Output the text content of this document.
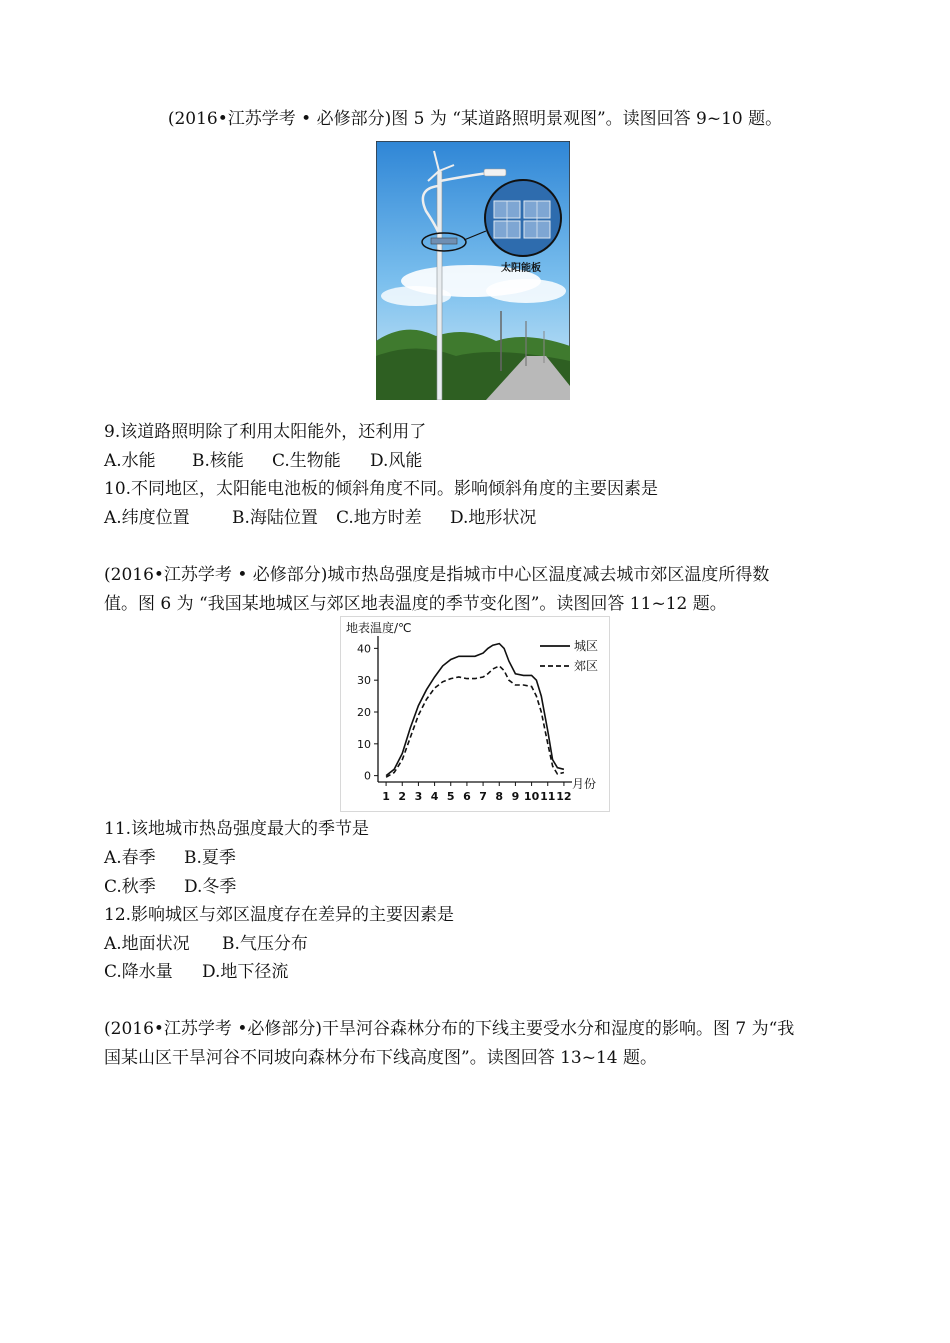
(2016•江苏学考 • 必修部分)图 5 为 “某道路照明景观图”。读图回答 9~10 题。
太阳能板
9.该道路照明除了利用太阳能外，还利用了
A.水能 B.核能 C.生物能 D.风能
10.不同地区，太阳能电池板的倾斜角度不同。影响倾斜角度的主要因素是
A.纬度位置 B.海陆位置 C.地方时差 D.地形状况
(2016•江苏学考 • 必修部分)城市热岛强度是指城市中心区温度减去城市郊区温度所得数
值。图 6 为 “我国某地城区与郊区地表温度的季节变化图”。读图回答 11~12 题。
地表温度/℃
月份
0
10
20
30
40
1 2 3 4 5 6 7 8 9 10 11 12
城区
郊区
11.该地城市热岛强度最大的季节是
A.春季 B.夏季
C.秋季 D.冬季
12.影响城区与郊区温度存在差异的主要因素是
A.地面状况 B.气压分布
C.降水量 D.地下径流
(2016•江苏学考 •必修部分)干旱河谷森林分布的下线主要受水分和湿度的影响。图 7 为“我
国某山区干旱河谷不同坡向森林分布下线高度图”。读图回答 13~14 题。
